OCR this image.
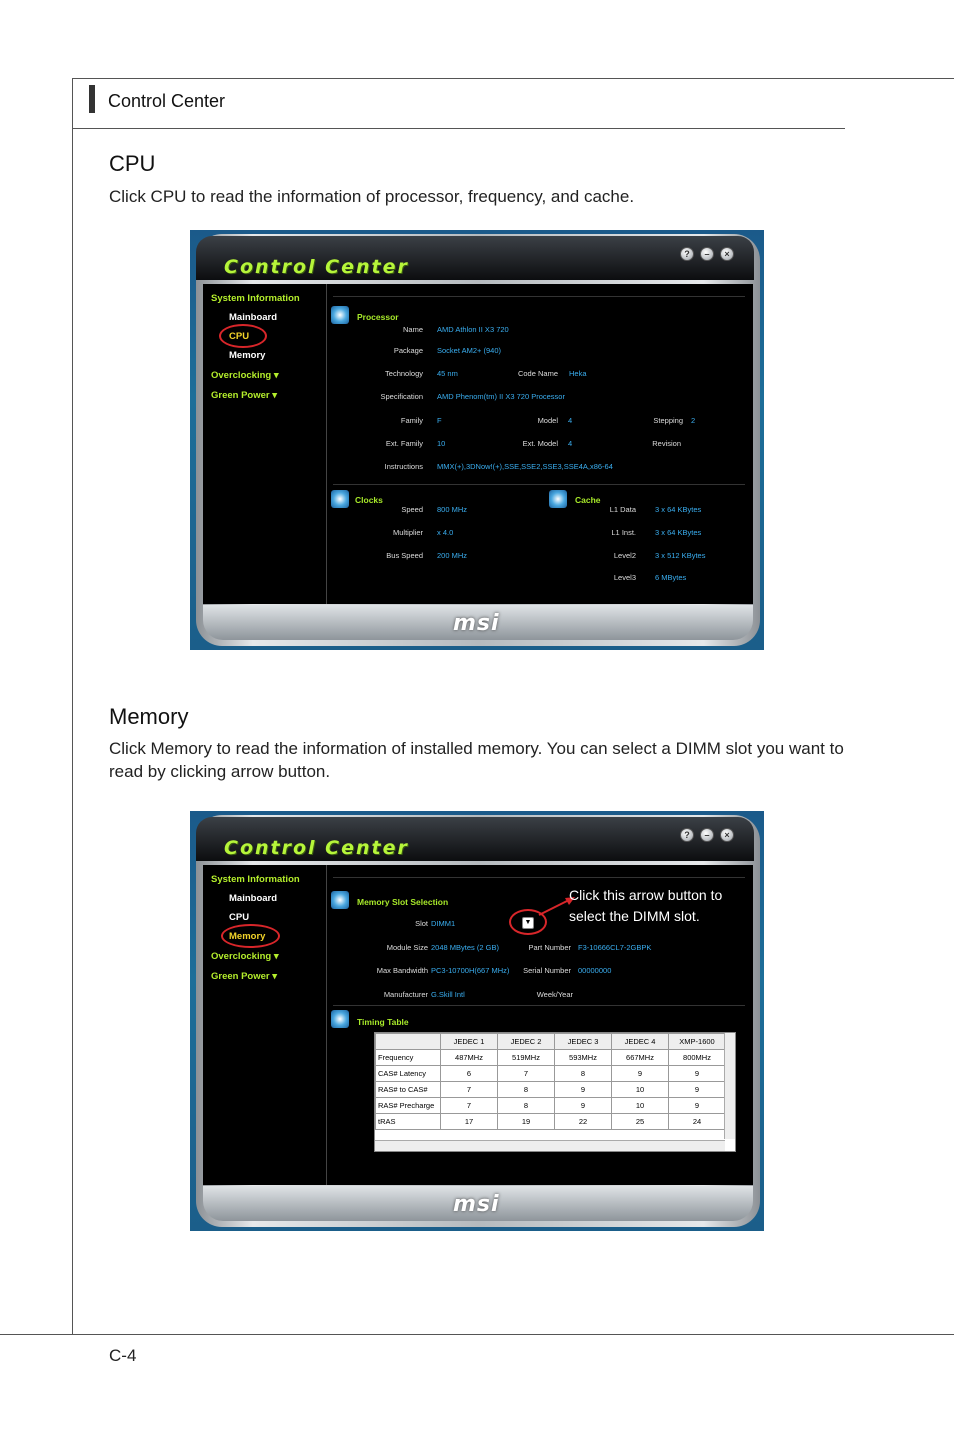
Control Center
CPU
Click CPU to read the information of processor, frequency, and cache.
Control Center
?	–	×
System Information
Mainboard
CPU
Memory
Overclocking ▾
Green Power ▾
Processor
Name AMD Athlon II X3 720
Package Socket AM2+ (940)
Technology 45 nm	Code Name Heka
Specification AMD Phenom(tm) II X3 720 Processor
Family F	Model 4	Stepping 2
Ext. Family 10	Ext. Model 4	Revision
Instructions MMX(+),3DNow!(+),SSE,SSE2,SSE3,SSE4A,x86-64
Clocks
Speed 800 MHz
Multiplier x 4.0
Bus Speed 200 MHz
Cache
L1 Data	3 x 64 KBytes
L1 Inst.	3 x 64 KBytes
Level2	3 x 512 KBytes
Level3	6 MBytes
msi
Memory
Click Memory to read the information of installed memory. You can select a DIMM slot you want to read by clicking arrow button.
Control Center
?	–	×
System Information
Mainboard
CPU
Memory
Overclocking ▾
Green Power ▾
Memory Slot Selection
Slot DIMM1	▼
Click this arrow button to select the DIMM slot.
Module Size 2048 MBytes (2 GB)	Part Number F3-10666CL7-2GBPK
Max Bandwidth PC3-10700H(667 MHz)	Serial Number 00000000
Manufacturer G.Skill Intl	Week/Year
Timing Table
	JEDEC 1	JEDEC 2	JEDEC 3	JEDEC 4	XMP-1600
Frequency	487MHz	519MHz	593MHz	667MHz	800MHz
CAS# Latency	6	7	8	9	9
RAS# to CAS#	7	8	9	10	9
RAS# Precharge	7	8	9	10	9
tRAS	17	19	22	25	24
msi
C-4
